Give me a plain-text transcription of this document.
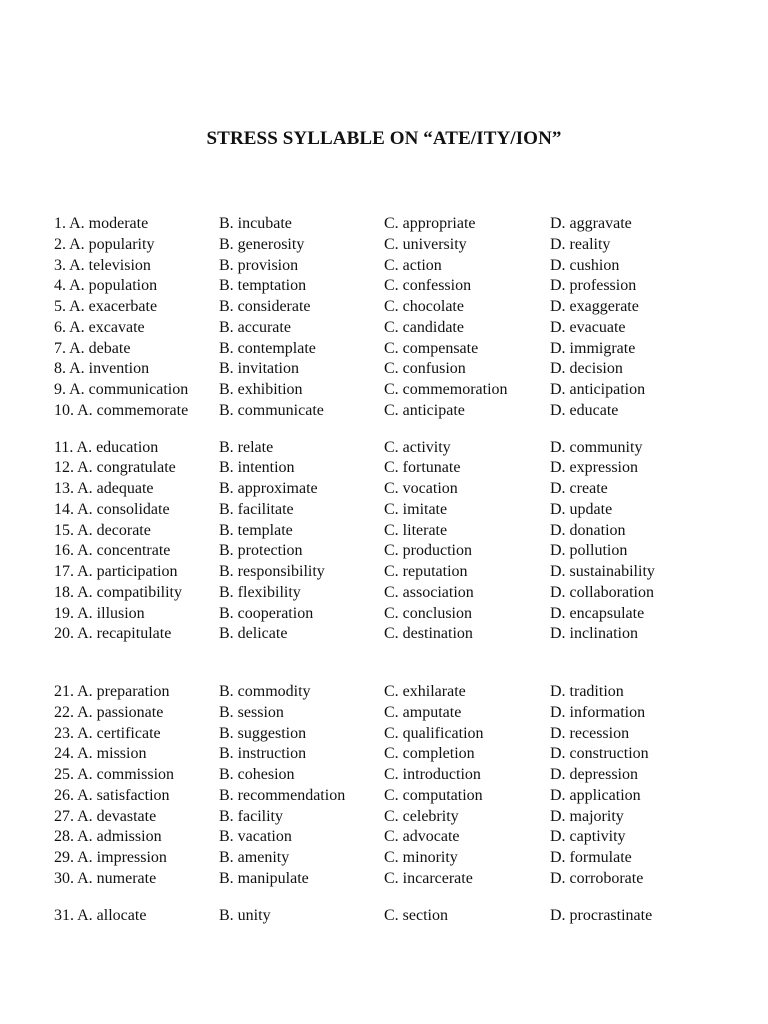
STRESS SYLLABLE ON “ATE/ITY/ION”
1. A. moderate	B. incubate	C. appropriate	D. aggravate
2. A. popularity	B. generosity	C. university	D. reality
3. A. television	B. provision	C. action	D. cushion
4. A. population	B. temptation	C. confession	D. profession
5. A. exacerbate	B. considerate	C. chocolate	D. exaggerate
6. A. excavate	B. accurate	C. candidate	D. evacuate
7. A. debate	B. contemplate	C. compensate	D. immigrate
8. A. invention	B. invitation	C. confusion	D. decision
9. A. communication	B. exhibition	C. commemoration	D. anticipation
10. A. commemorate	B. communicate	C. anticipate	D. educate
11. A. education	B. relate	C. activity	D. community
12. A. congratulate	B. intention	C. fortunate	D. expression
13. A. adequate	B. approximate	C. vocation	D. create
14. A. consolidate	B. facilitate	C. imitate	D. update
15. A. decorate	B. template	C. literate	D. donation
16. A. concentrate	B. protection	C. production	D. pollution
17. A. participation	B. responsibility	C. reputation	D. sustainability
18. A. compatibility	B. flexibility	C. association	D. collaboration
19. A. illusion	B. cooperation	C. conclusion	D. encapsulate
20. A. recapitulate	B. delicate	C. destination	D. inclination
21. A. preparation	B. commodity	C. exhilarate	D. tradition
22. A. passionate	B. session	C. amputate	D. information
23. A. certificate	B. suggestion	C. qualification	D. recession
24. A. mission	B. instruction	C. completion	D. construction
25. A. commission	B. cohesion	C. introduction	D. depression
26. A. satisfaction	B. recommendation	C. computation	D. application
27. A. devastate	B. facility	C. celebrity	D. majority
28. A. admission	B. vacation	C. advocate	D. captivity
29. A. impression	B. amenity	C. minority	D. formulate
30. A. numerate	B. manipulate	C. incarcerate	D. corroborate
31. A. allocate	B. unity	C. section	D. procrastinate
